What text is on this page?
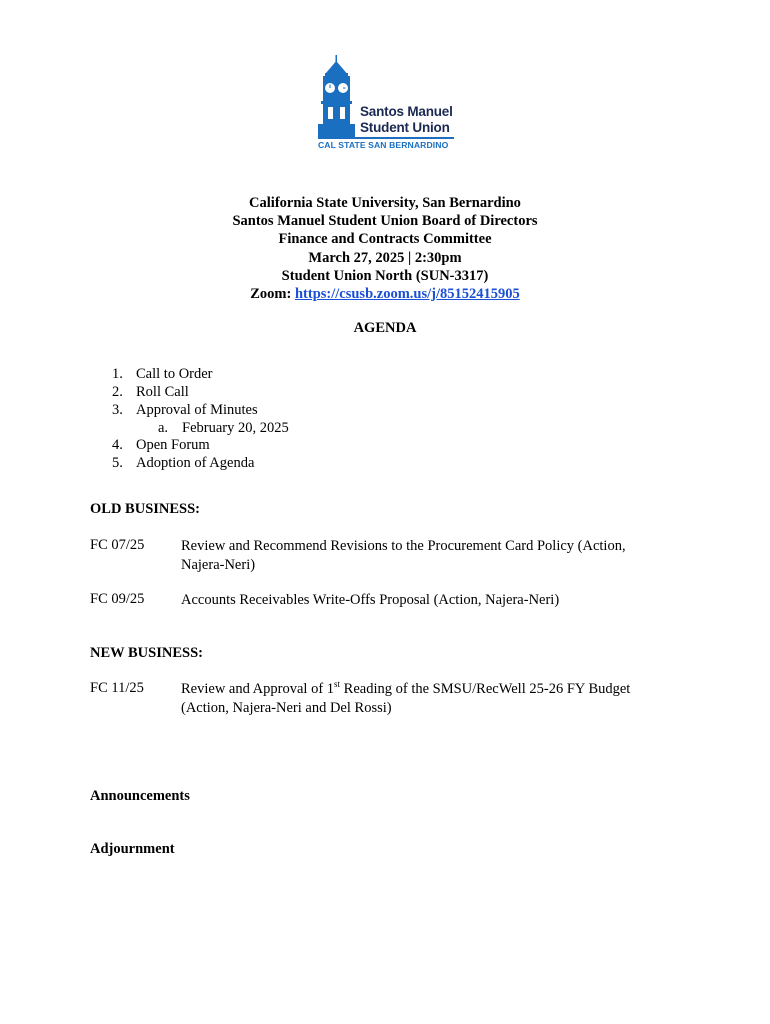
Santos Manuel
Student Union
CAL STATE SAN BERNARDINO
California State University, San Bernardino
Santos Manuel Student Union Board of Directors
Finance and Contracts Committee
March 27, 2025 | 2:30pm
Student Union North (SUN-3317)
Zoom: https://csusb.zoom.us/j/85152415905
AGENDA
1. Call to Order
2. Roll Call
3. Approval of Minutes
a. February 20, 2025
4. Open Forum
5. Adoption of Agenda
OLD BUSINESS:
FC 07/25	Review and Recommend Revisions to the Procurement Card Policy (Action,
Najera-Neri)
FC 09/25	Accounts Receivables Write-Offs Proposal (Action, Najera-Neri)
NEW BUSINESS:
FC 11/25	Review and Approval of 1st Reading of the SMSU/RecWell 25-26 FY Budget
(Action, Najera-Neri and Del Rossi)
Announcements
Adjournment
